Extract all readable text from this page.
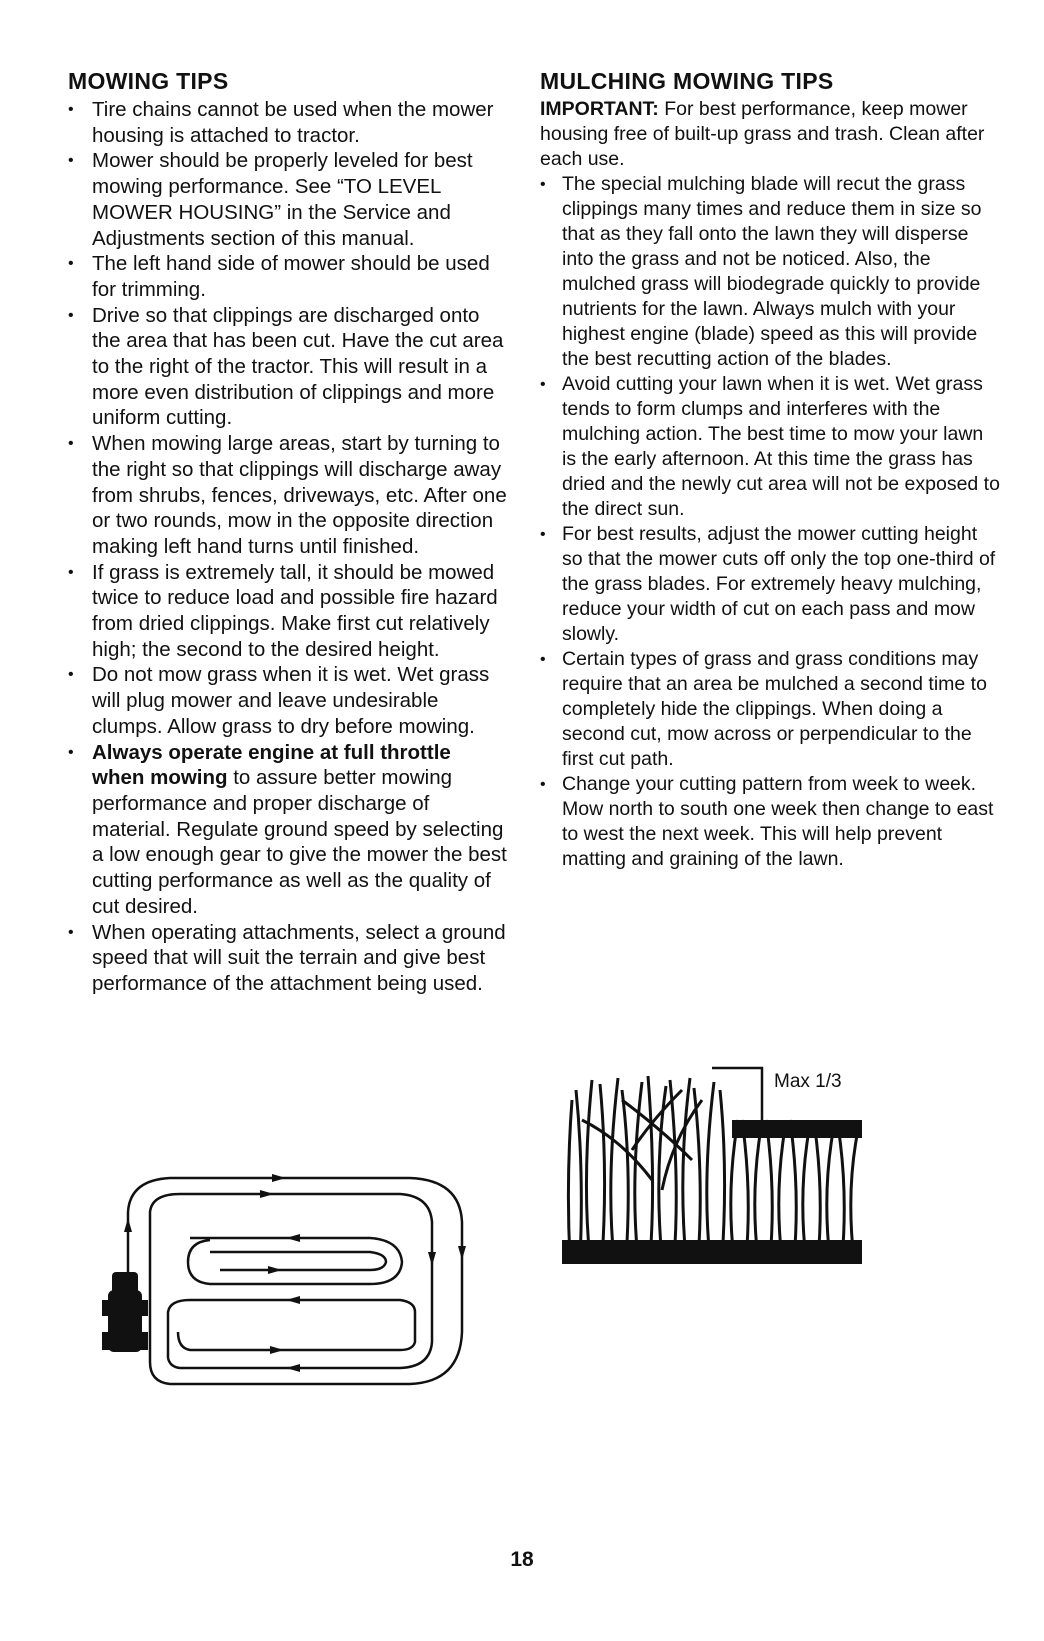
MOWING TIPS
• Tire chains cannot be used when the mower housing is attached to tractor.
• Mower should be properly leveled for best mowing performance. See “TO LEVEL MOWER HOUSING” in the Service and Adjustments section of this manual.
• The left hand side of mower should be used for trimming.
• Drive so that clippings are discharged onto the area that has been cut. Have the cut area to the right of the tractor. This will result in a more even distribution of clippings and more uniform cutting.
• When mowing large areas, start by turning to the right so that clippings will discharge away from shrubs, fences, driveways, etc. After one or two rounds, mow in the opposite direction making left hand turns until finished.
• If grass is extremely tall, it should be mowed twice to reduce load and possible fire hazard from dried clippings. Make first cut relatively high; the second to the desired height.
• Do not mow grass when it is wet. Wet grass will plug mower and leave undesirable clumps. Allow grass to dry before mowing.
• Always operate engine at full throttle when mowing to assure better mowing performance and proper discharge of material. Regulate ground speed by selecting a low enough gear to give the mower the best cutting performance as well as the quality of cut desired.
• When operating attachments, select a ground speed that will suit the terrain and give best performance of the attachment being used.
MULCHING MOWING TIPS

IMPORTANT: For best performance, keep mower housing free of built-up grass and trash. Clean after each use.

• The special mulching blade will recut the grass clippings many times and reduce them in size so that as they fall onto the lawn they will disperse into the grass and not be noticed. Also, the mulched grass will biodegrade quickly to provide nutrients for the lawn. Always mulch with your highest engine (blade) speed as this will provide the best recutting action of the blades.
• Avoid cutting your lawn when it is wet. Wet grass tends to form clumps and interferes with the mulching action. The best time to mow your lawn is the early afternoon. At this time the grass has dried and the newly cut area will not be exposed to the direct sun.
• For best results, adjust the mower cutting height so that the mower cuts off only the top one-third of the grass blades. For extremely heavy mulching, reduce your width of cut on each pass and mow slowly.
• Certain types of grass and grass conditions may require that an area be mulched a second time to completely hide the clippings. When doing a second cut, mow across or perpendicular to the first cut path.
• Change your cutting pattern from week to week. Mow north to south one week then change to east to west the next week. This will help prevent matting and graining of the lawn.
Max 1/3
18
